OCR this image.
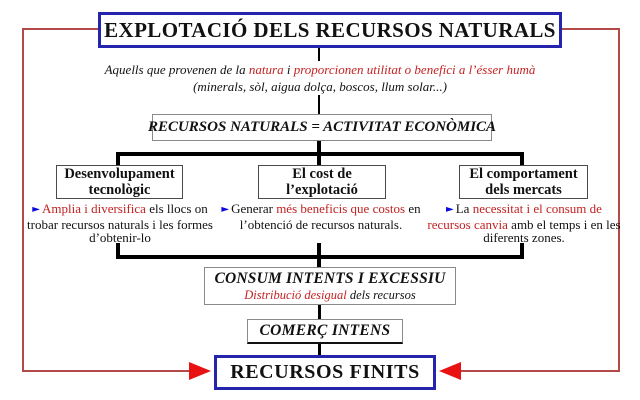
EXPLOTACIÓ DELS RECURSOS NATURALS
Aquells que provenen de la natura i proporcionen utilitat o benefici a l’ésser humà
(minerals, sòl, aigua dolça, boscos, llum solar...)
RECURSOS NATURALS = ACTIVITAT ECONÒMICA
Desenvolupament
tecnològic
El cost de
l’explotació
El comportament
dels mercats
► Amplia i diversifica els llocs on trobar recursos naturals i les formes d’obtenir-lo
► Generar més beneficis que costos en l’obtenció de recursos naturals.
► La necessitat i el consum de recursos canvia amb el temps i en les diferents zones.
CONSUM INTENTS I EXCESSIU
Distribució desigual dels recursos
COMERÇ INTENS
RECURSOS FINITS
